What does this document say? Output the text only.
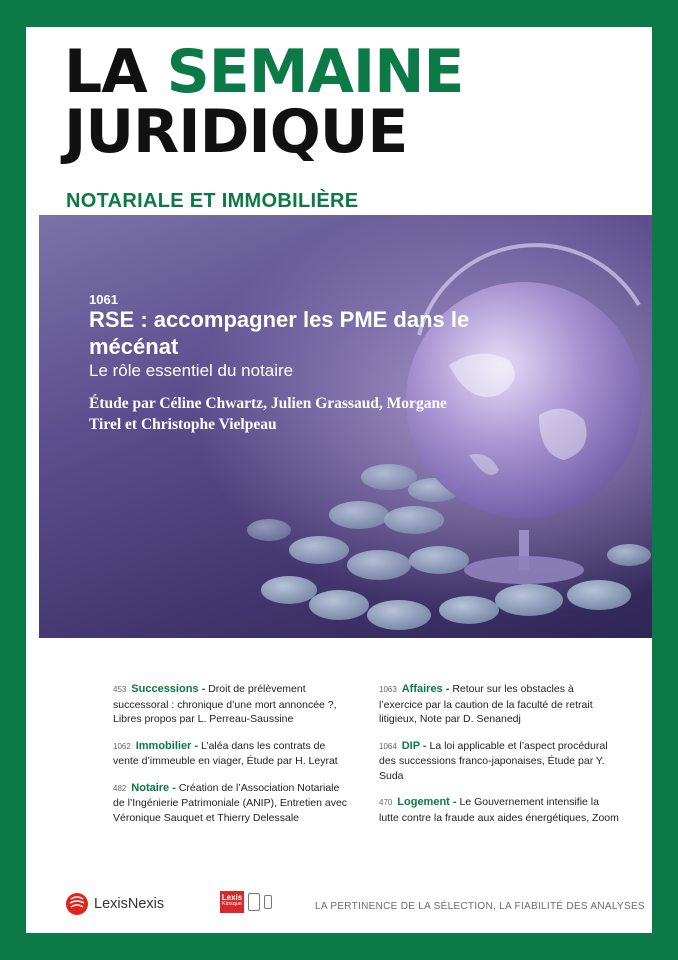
LA SEMAINE
JURIDIQUE
NOTARIALE ET IMMOBILIÈRE
453 Successions - Droit de prélèvement successoral : chronique d’une mort annoncée ?, Libres propos par L. Perreau-Saussine
1062 Immobilier - L’aléa dans les contrats de vente d’immeuble en viager, Étude par H. Leyrat
482 Notaire - Création de l’Association Notariale de l’Ingénierie Patrimoniale (ANIP), Entretien avec Véronique Sauquet et Thierry Delessale
1063 Affaires - Retour sur les obstacles à l’exercice par la caution de la faculté de retrait litigieux, Note par D. Senanedj
1064 DIP - La loi applicable et l’aspect procédural des successions franco-japonaises, Étude par Y. Suda
470 Logement - Le Gouvernement intensifie la lutte contre la fraude aux aides énergétiques, Zoom
LexisNexis	Lexis
Kiosque	LA PERTINENCE DE LA SÉLECTION, LA FIABILITÉ DES ANALYSES
1061
RSE : accompagner les PME dans le mécénat
Le rôle essentiel du notaire
Étude par Céline Chwartz, Julien Grassaud, Morgane Tirel et Christophe Vielpeau
